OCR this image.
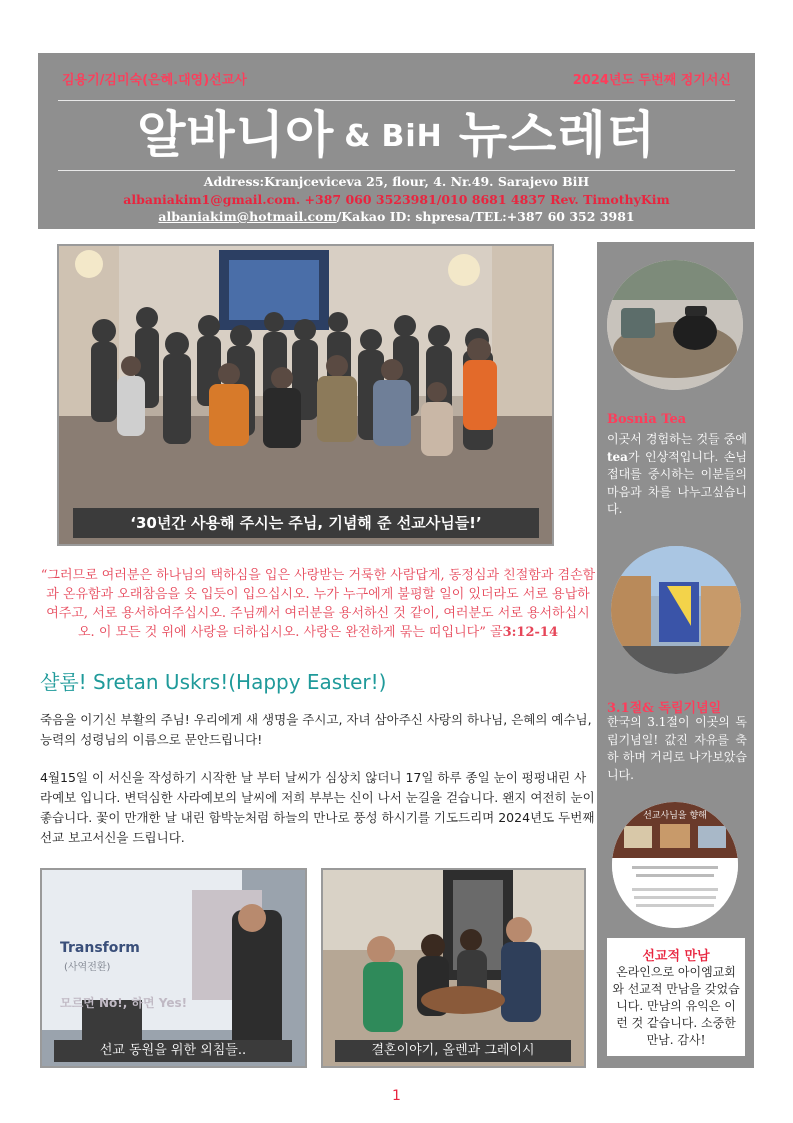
김용기/김미숙(은혜.대영)선교사	2024년도 두번째 정기서신
알바니아 & BiH 뉴스레터
Address:Kranjceviceva 25, flour, 4. Nr.49. Sarajevo BiH
albaniakim1@gmail.com. +387 060 3523981/010 8681 4837 Rev. TimothyKim
albaniakim@hotmail.com/Kakao ID: shpresa/TEL:+387 60 352 3981
‘30년간 사용해 주시는 주님, 기념해 준 선교사님들!’
“그러므로 여러분은 하나님의 택하심을 입은 사랑받는 거룩한 사람답게, 동정심과 친절함과 겸손함과 온유함과 오래참음을 옷 입듯이 입으십시오. 누가 누구에게 불평할 일이 있더라도 서로 용납하여주고, 서로 용서하여주십시오. 주님께서 여러분을 용서하신 것 같이, 여러분도 서로 용서하십시오. 이 모든 것 위에 사랑을 더하십시오. 사랑은 완전하게 묶는 띠입니다” 골3:12-14
샬롬! Sretan Uskrs!(Happy Easter!)
죽음을 이기신 부활의 주님! 우리에게 새 생명을 주시고, 자녀 삼아주신 사랑의 하나님, 은혜의 예수님, 능력의 성령님의 이름으로 문안드립니다!
4월15일 이 서신을 작성하기 시작한 날 부터 날씨가 심상치 않더니 17일 하루 종일 눈이 펑펑내린 사라예보 입니다. 변덕심한 사라예보의 날씨에 저희 부부는 신이 나서 눈길을 걷습니다. 왠지 여전히 눈이 좋습니다. 꽃이 만개한 날 내린 함박눈처럼 하늘의 만나로 풍성 하시기를 기도드리며 2024년도 두번째 선교 보고서신을 드립니다.
Transform
(사역전환)
모르면 No!, 하면 Yes!
선교 동원을 위한 외침들..	결혼이야기, 올렌과 그레이시
Bosnia Tea
이곳서 경험하는 것들 중에 tea가 인상적입니다. 손님 접대를 중시하는 이분들의 마음과 차를 나누고싶습니다.
3.1절& 독립기념일
한국의 3.1절이 이곳의 독립기념일! 값진 자유를 축하 하며 거리로 나가보았습니다.
선교사님을 향해
선교적 만남
온라인으로 아이엠교회와 선교적 만남을 갖었습니다. 만남의 유익은 이런 것 같습니다. 소중한 만남. 감사!
1
